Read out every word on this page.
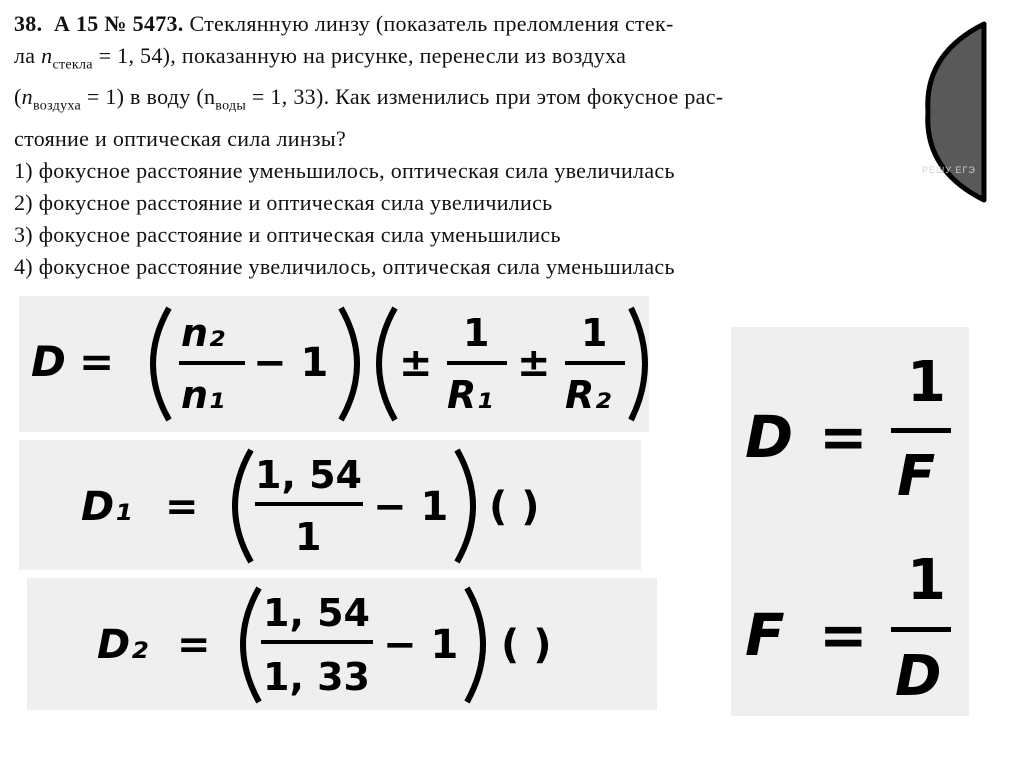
38. А 15 № 5473. Стеклянную линзу (показатель преломления стек-
ла $n_{стекла} = 1$, 54), показанную на рисунке, перенесли из воздуха
$(n_{воздуха} = 1)$ в воду ($n_{воды} = 1$, 33). Как изменились при этом фокусное рас-
стояние и оптическая сила линзы?
1) фокусное расстояние уменьшилось, оптическая сила увеличилась
2) фокусное расстояние и оптическая сила увеличились
3) фокусное расстояние и оптическая сила уменьшились
4) фокусное расстояние увеличилось, оптическая сила уменьшилась
РЕШУ ЕГЭ
D =
n₂
n₁
− 1 ±
1
R₁
±
1
R₂
D₁ =
1, 54
1
− 1 ( )
D₂ =
1, 54
1, 33
− 1 ( )
D =
1
F
F =
1
D
